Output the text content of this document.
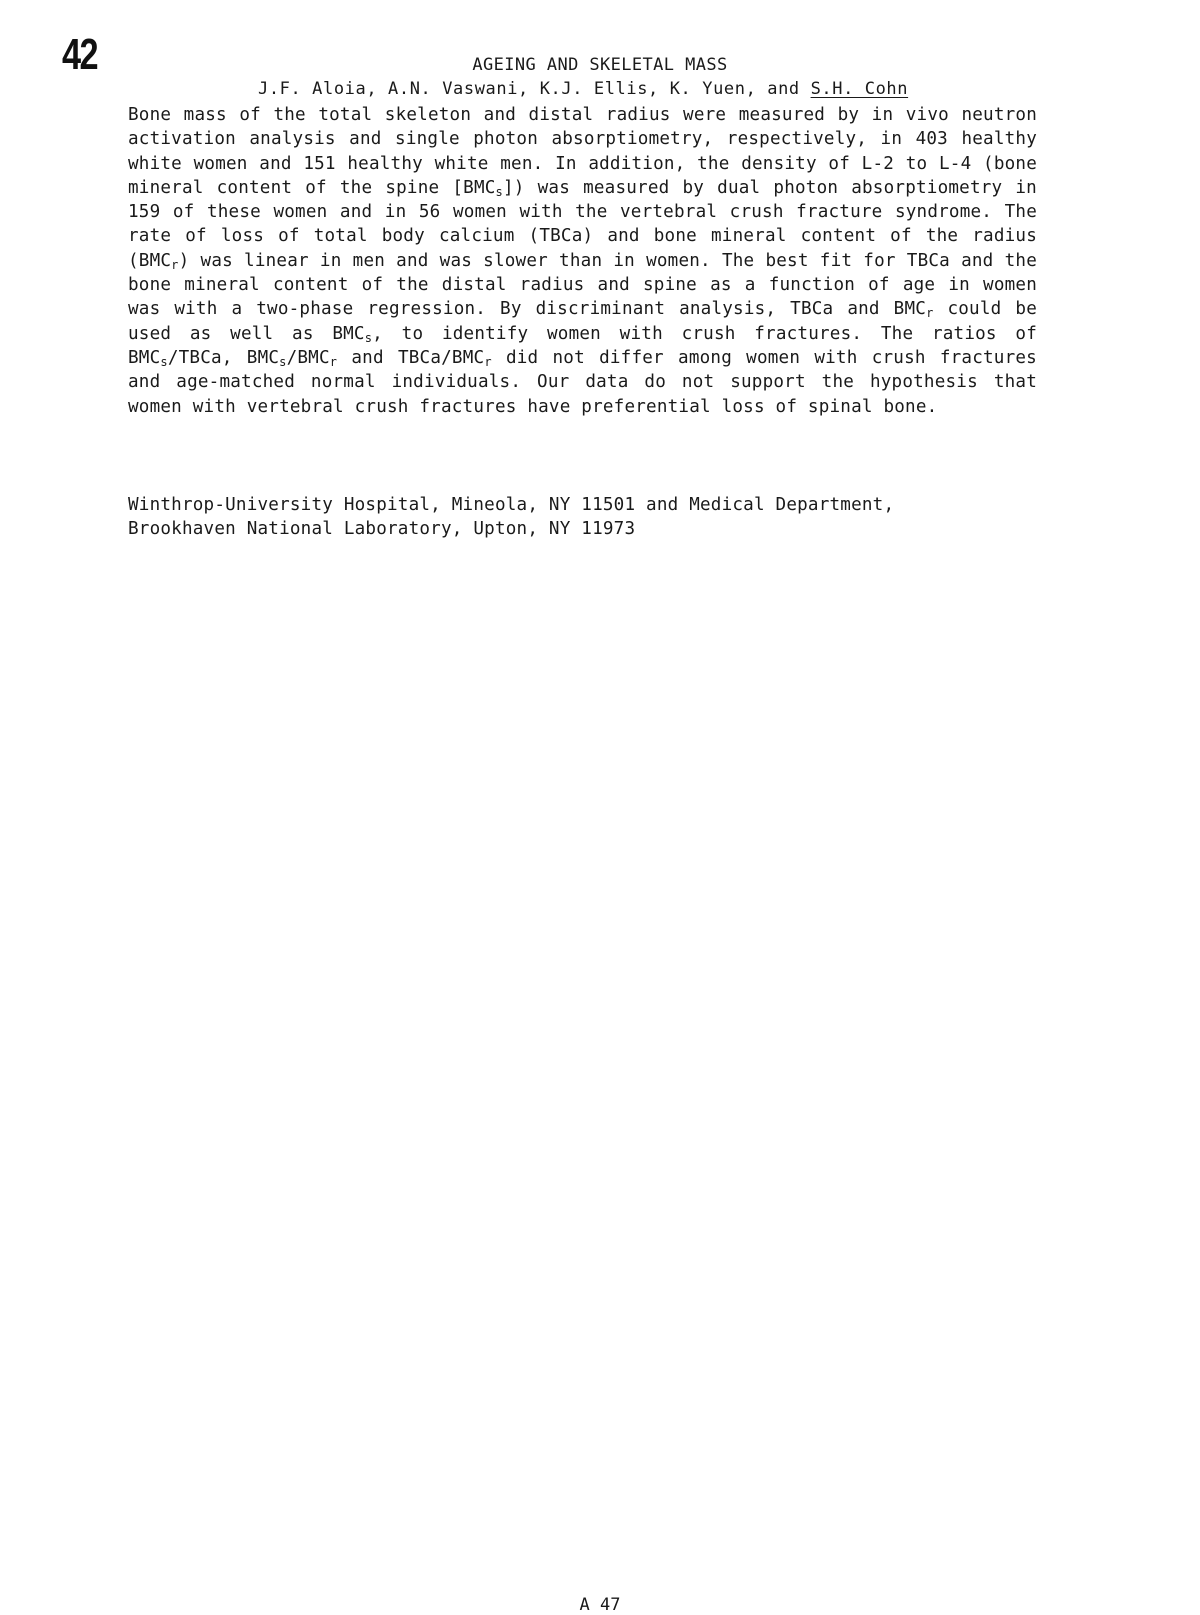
42	AGEING AND SKELETAL MASS
J.F. Aloia, A.N. Vaswani, K.J. Ellis, K. Yuen, and S.H. Cohn
Bone mass of the total skeleton and distal radius were measured by in vivo neutron activation analysis and single photon absorptiometry, respectively, in 403 healthy white women and 151 healthy white men. In addition, the density of L-2 to L-4 (bone mineral content of the spine $[BMC_s]$) was measured by dual photon absorptiometry in 159 of these women and in 56 women with the vertebral crush fracture syndrome. The rate of loss of total body calcium (TBCa) and bone mineral content of the radius $(BMC_r)$ was linear in men and was slower than in women. The best fit for TBCa and the bone mineral content of the distal radius and spine as a function of age in women was with a two-phase regression. By discriminant analysis, TBCa and $BMC_r$ could be used as well as $BMC_s$, to identify women with crush fractures. The ratios of $BMC_s$/TBCa, $BMC_s/BMC_r$ and TBCa/$BMC_r$ did not differ among women with crush fractures and age-matched normal individuals. Our data do not support the hypothesis that women with vertebral crush fractures have preferential loss of spinal bone.
Winthrop-University Hospital, Mineola, NY 11501 and Medical Department,
Brookhaven National Laboratory, Upton, NY 11973
A 47
